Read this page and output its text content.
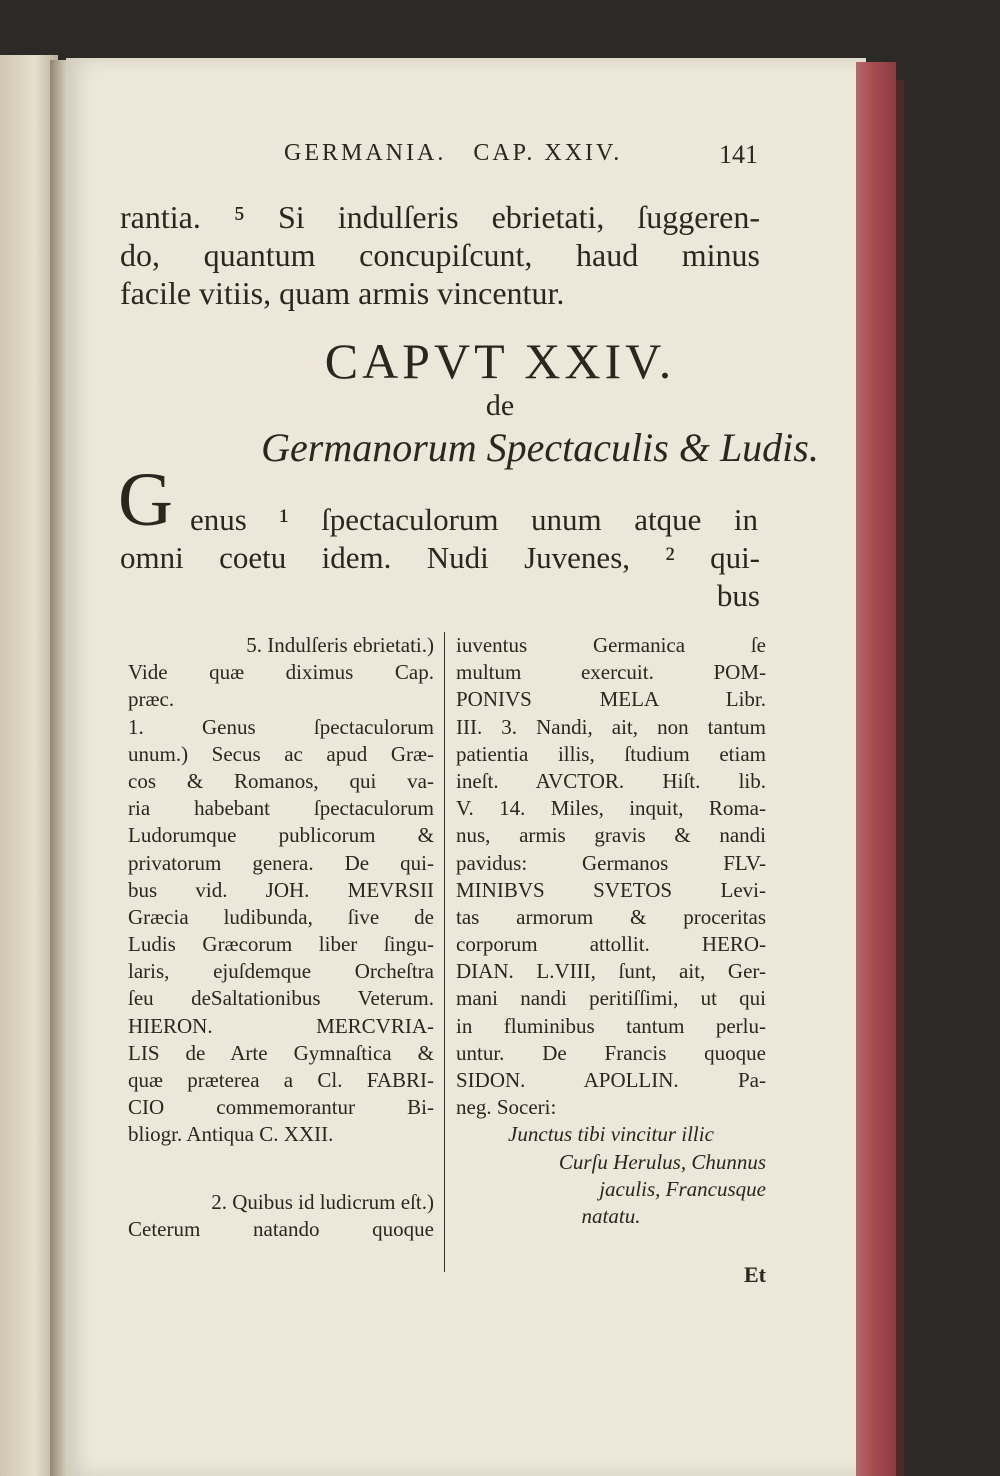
GERMANIA.   CAP. XXIV.	141

rantia. ⁵ Si indulſeris ebrietati, ſuggeren-

do, quantum concupiſcunt, haud minus

facile vitiis, quam armis vincentur.

CAPVT XXIV.
de
Germanorum Spectaculis & Ludis.
G enus ¹ ſpectaculorum unum atque in
omni coetu idem. Nudi Juvenes, ² qui-
bus
5. Indulſeris ebrietati.)
Vide quæ diximus Cap.
præc.
1. Genus ſpectaculorum
unum.) Secus ac apud Græ-
cos & Romanos, qui va-
ria habebant ſpectaculorum
Ludorumque publicorum &
privatorum genera. De qui-
bus vid. JOH. MEVRSII
Græcia ludibunda, ſive de
Ludis Græcorum liber ſingu-
laris, ejuſdemque Orcheſtra
ſeu deSaltationibus Veterum.
HIERON. MERCVRIA-
LIS de Arte Gymnaſtica &
quæ præterea a Cl. FABRI-
CIO commemorantur Bi-
bliogr. Antiqua C. XXII.
2. Quibus id ludicrum eſt.)
Ceterum natando quoque
iuventus Germanica ſe
multum exercuit. POM-
PONIVS MELA Libr.
III. 3. Nandi, ait, non tantum
patientia illis, ſtudium etiam
ineſt. AVCTOR. Hiſt. lib.
V. 14. Miles, inquit, Roma-
nus, armis gravis & nandi
pavidus: Germanos FLV-
MINIBVS SVETOS Levi-
tas armorum & proceritas
corporum attollit. HERO-
DIAN. L.VIII, ſunt, ait, Ger-
mani nandi peritiſſimi, ut qui
in fluminibus tantum perlu-
untur. De Francis quoque
SIDON. APOLLIN. Pa-
neg. Soceri:
Junctus tibi vincitur illic
Curſu Herulus, Chunnus
jaculis, Francusque
natatu.
Et
